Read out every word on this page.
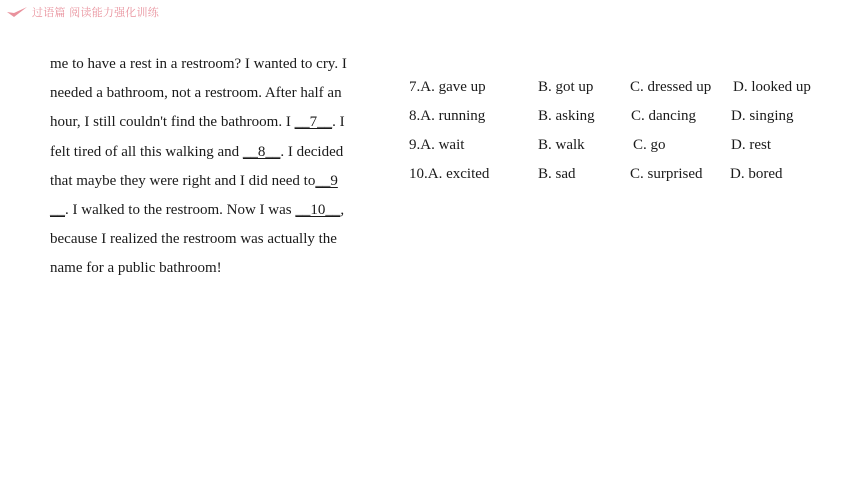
过语篇 阅读能力强化训练
me to have a rest in a restroom? I wanted to cry. I
needed a bathroom, not a restroom. After half an
hour, I still couldn't find the bathroom. I __7__. I
felt tired of all this walking and __8__. I decided
that maybe they were right and I did need to__9
__. I walked to the restroom. Now I was __10__,
because I realized the restroom was actually the
name for a public bathroom!
7.A. gave up	B. got up C. dressed up D. looked up
8.A. running	B. asking C. dancing D. singing
9.A. wait	B. walk	C. go	D. rest
10.A. excited	B. sad	C. surprised D. bored
